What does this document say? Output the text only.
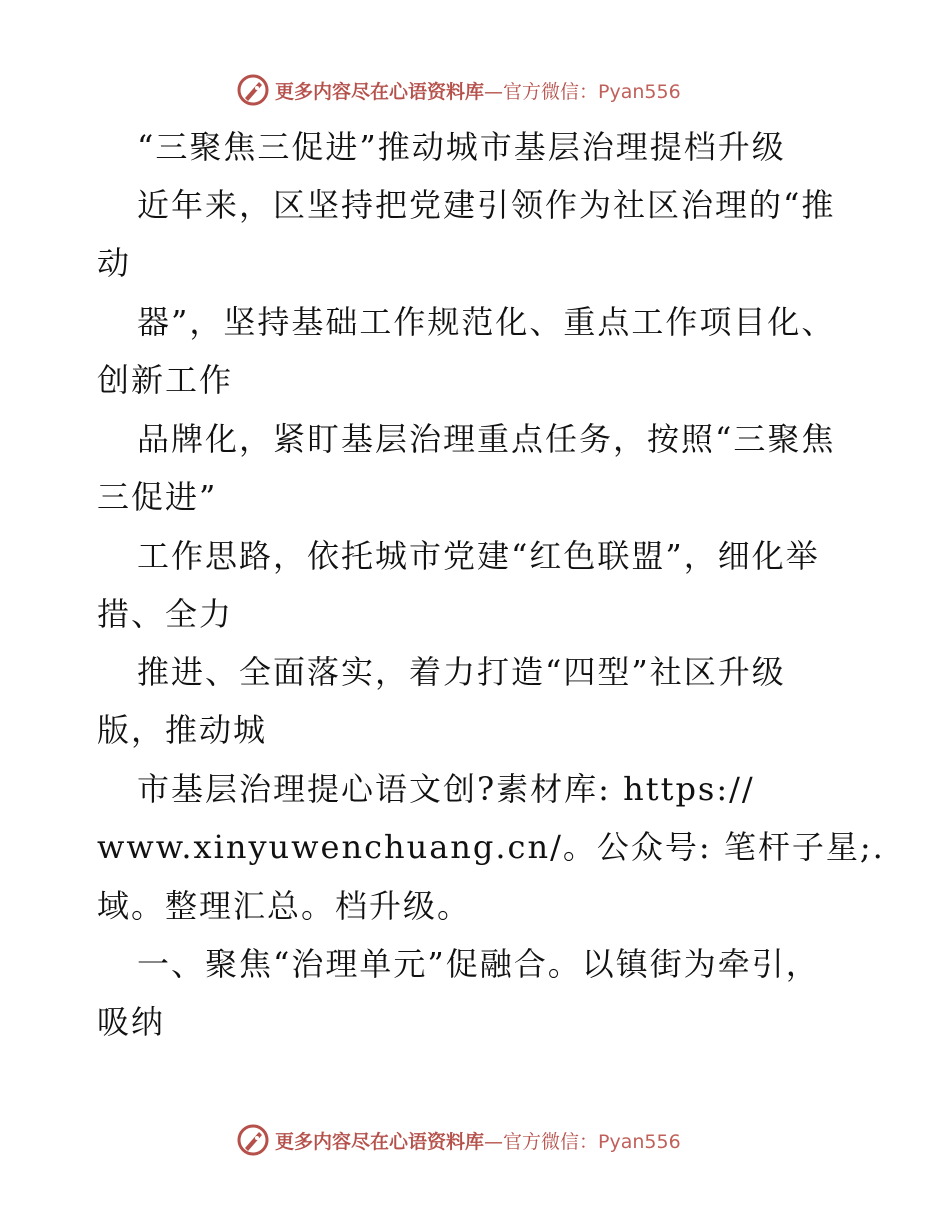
更多内容尽在心语资料库—官方微信：Pyan556
“三聚焦三促进”推动城市基层治理提档升级
近年来，区坚持把党建引领作为社区治理的“推
动
器”，坚持基础工作规范化、重点工作项目化、
创新工作
品牌化，紧盯基层治理重点任务，按照“三聚焦
三促进”
工作思路，依托城市党建“红色联盟”，细化举
措、全力
推进、全面落实，着力打造“四型”社区升级
版，推动城
市基层治理提心语文创?素材库: https://
www.xinyuwenchuang.cn/。公众号: 笔杆子星;.
域。整理汇总。档升级。
一、聚焦“治理单元”促融合。以镇街为牵引，
吸纳
更多内容尽在心语资料库—官方微信：Pyan556
